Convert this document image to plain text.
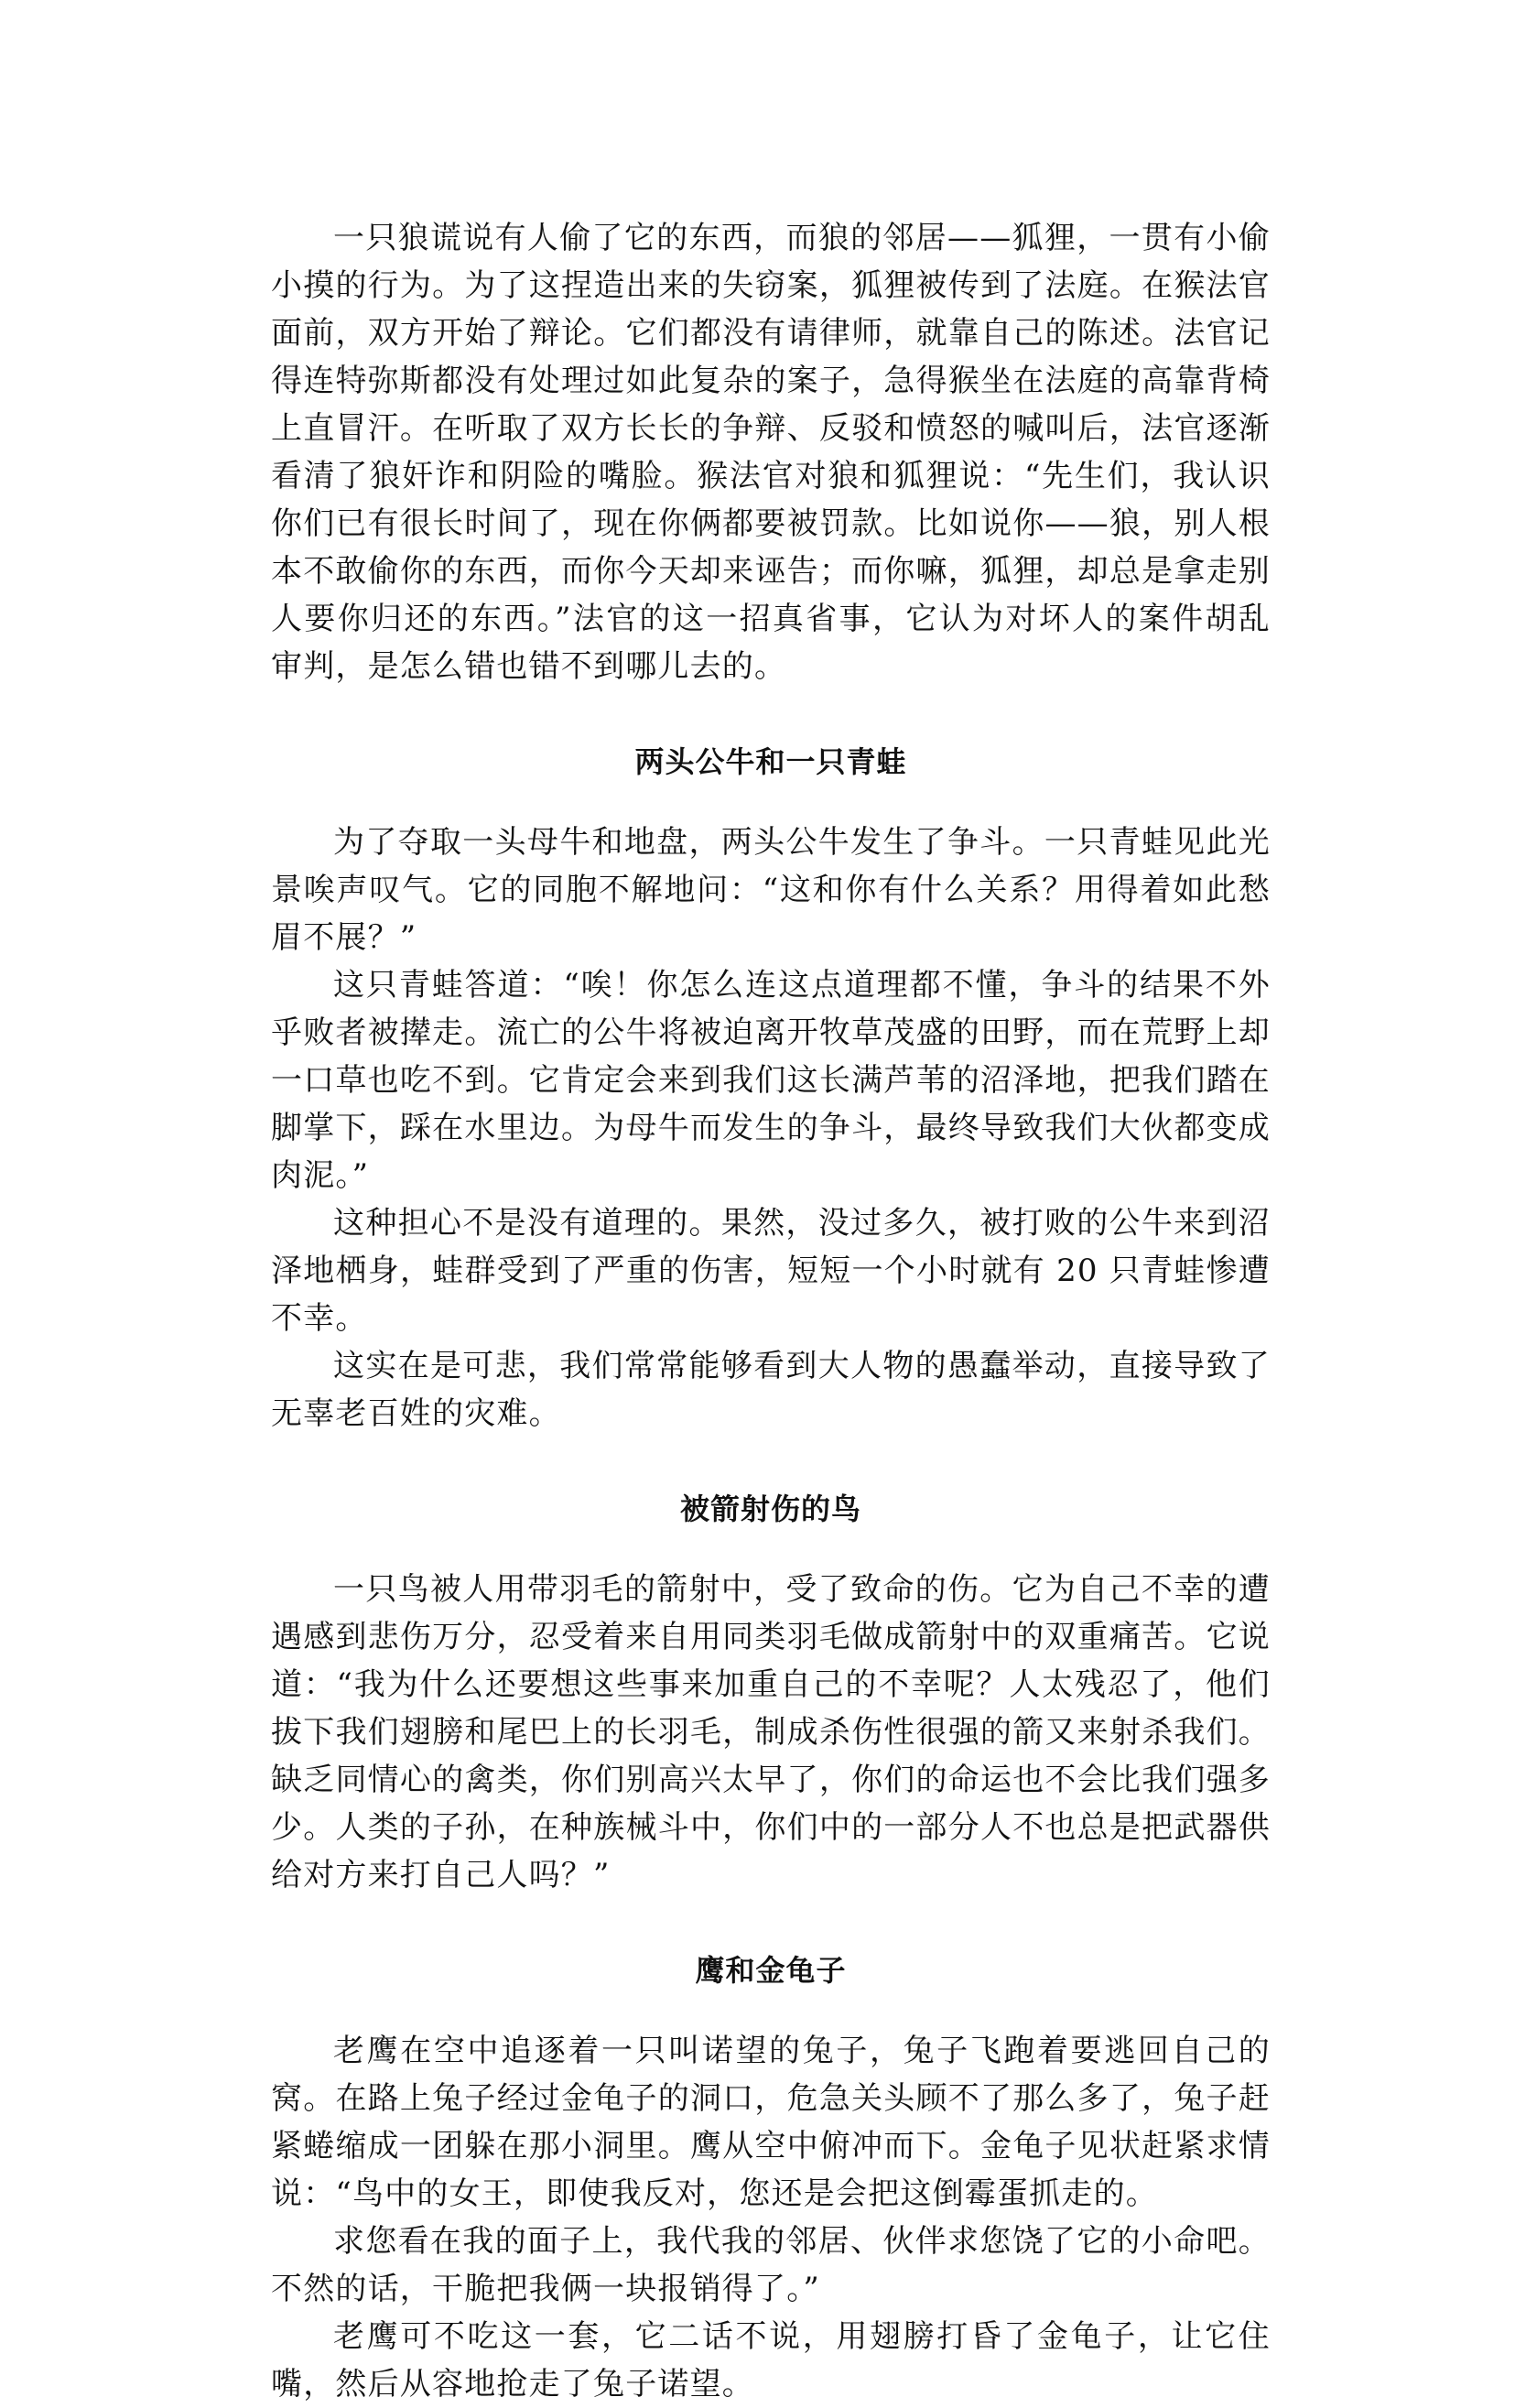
一只狼谎说有人偷了它的东西，而狼的邻居——狐狸，一贯有小偷小摸的行为。为了这捏造出来的失窃案，狐狸被传到了法庭。在猴法官面前，双方开始了辩论。它们都没有请律师，就靠自己的陈述。法官记得连特弥斯都没有处理过如此复杂的案子，急得猴坐在法庭的高靠背椅上直冒汗。在听取了双方长长的争辩、反驳和愤怒的喊叫后，法官逐渐看清了狼奸诈和阴险的嘴脸。猴法官对狼和狐狸说：“先生们，我认识你们已有很长时间了，现在你俩都要被罚款。比如说你——狼，别人根本不敢偷你的东西，而你今天却来诬告；而你嘛，狐狸，却总是拿走别人要你归还的东西。”法官的这一招真省事，它认为对坏人的案件胡乱审判，是怎么错也错不到哪儿去的。

两头公牛和一只青蛙

为了夺取一头母牛和地盘，两头公牛发生了争斗。一只青蛙见此光景唉声叹气。它的同胞不解地问：“这和你有什么关系？用得着如此愁眉不展？”

这只青蛙答道：“唉！你怎么连这点道理都不懂，争斗的结果不外乎败者被撵走。流亡的公牛将被迫离开牧草茂盛的田野，而在荒野上却一口草也吃不到。它肯定会来到我们这长满芦苇的沼泽地，把我们踏在脚掌下，踩在水里边。为母牛而发生的争斗，最终导致我们大伙都变成肉泥。”

这种担心不是没有道理的。果然，没过多久，被打败的公牛来到沼泽地栖身，蛙群受到了严重的伤害，短短一个小时就有 20 只青蛙惨遭不幸。

这实在是可悲，我们常常能够看到大人物的愚蠢举动，直接导致了无辜老百姓的灾难。

被箭射伤的鸟

一只鸟被人用带羽毛的箭射中，受了致命的伤。它为自己不幸的遭遇感到悲伤万分，忍受着来自用同类羽毛做成箭射中的双重痛苦。它说道：“我为什么还要想这些事来加重自己的不幸呢？人太残忍了，他们拔下我们翅膀和尾巴上的长羽毛，制成杀伤性很强的箭又来射杀我们。缺乏同情心的禽类，你们别高兴太早了，你们的命运也不会比我们强多少。人类的子孙，在种族械斗中，你们中的一部分人不也总是把武器供给对方来打自己人吗？”

鹰和金龟子

老鹰在空中追逐着一只叫诺望的兔子，兔子飞跑着要逃回自己的窝。在路上兔子经过金龟子的洞口，危急关头顾不了那么多了，兔子赶紧蜷缩成一团躲在那小洞里。鹰从空中俯冲而下。金龟子见状赶紧求情说：“鸟中的女王，即使我反对，您还是会把这倒霉蛋抓走的。

求您看在我的面子上，我代我的邻居、伙伴求您饶了它的小命吧。不然的话，干脆把我俩一块报销得了。”

老鹰可不吃这一套，它二话不说，用翅膀打昏了金龟子，让它住嘴，然后从容地抢走了兔子诺望。
